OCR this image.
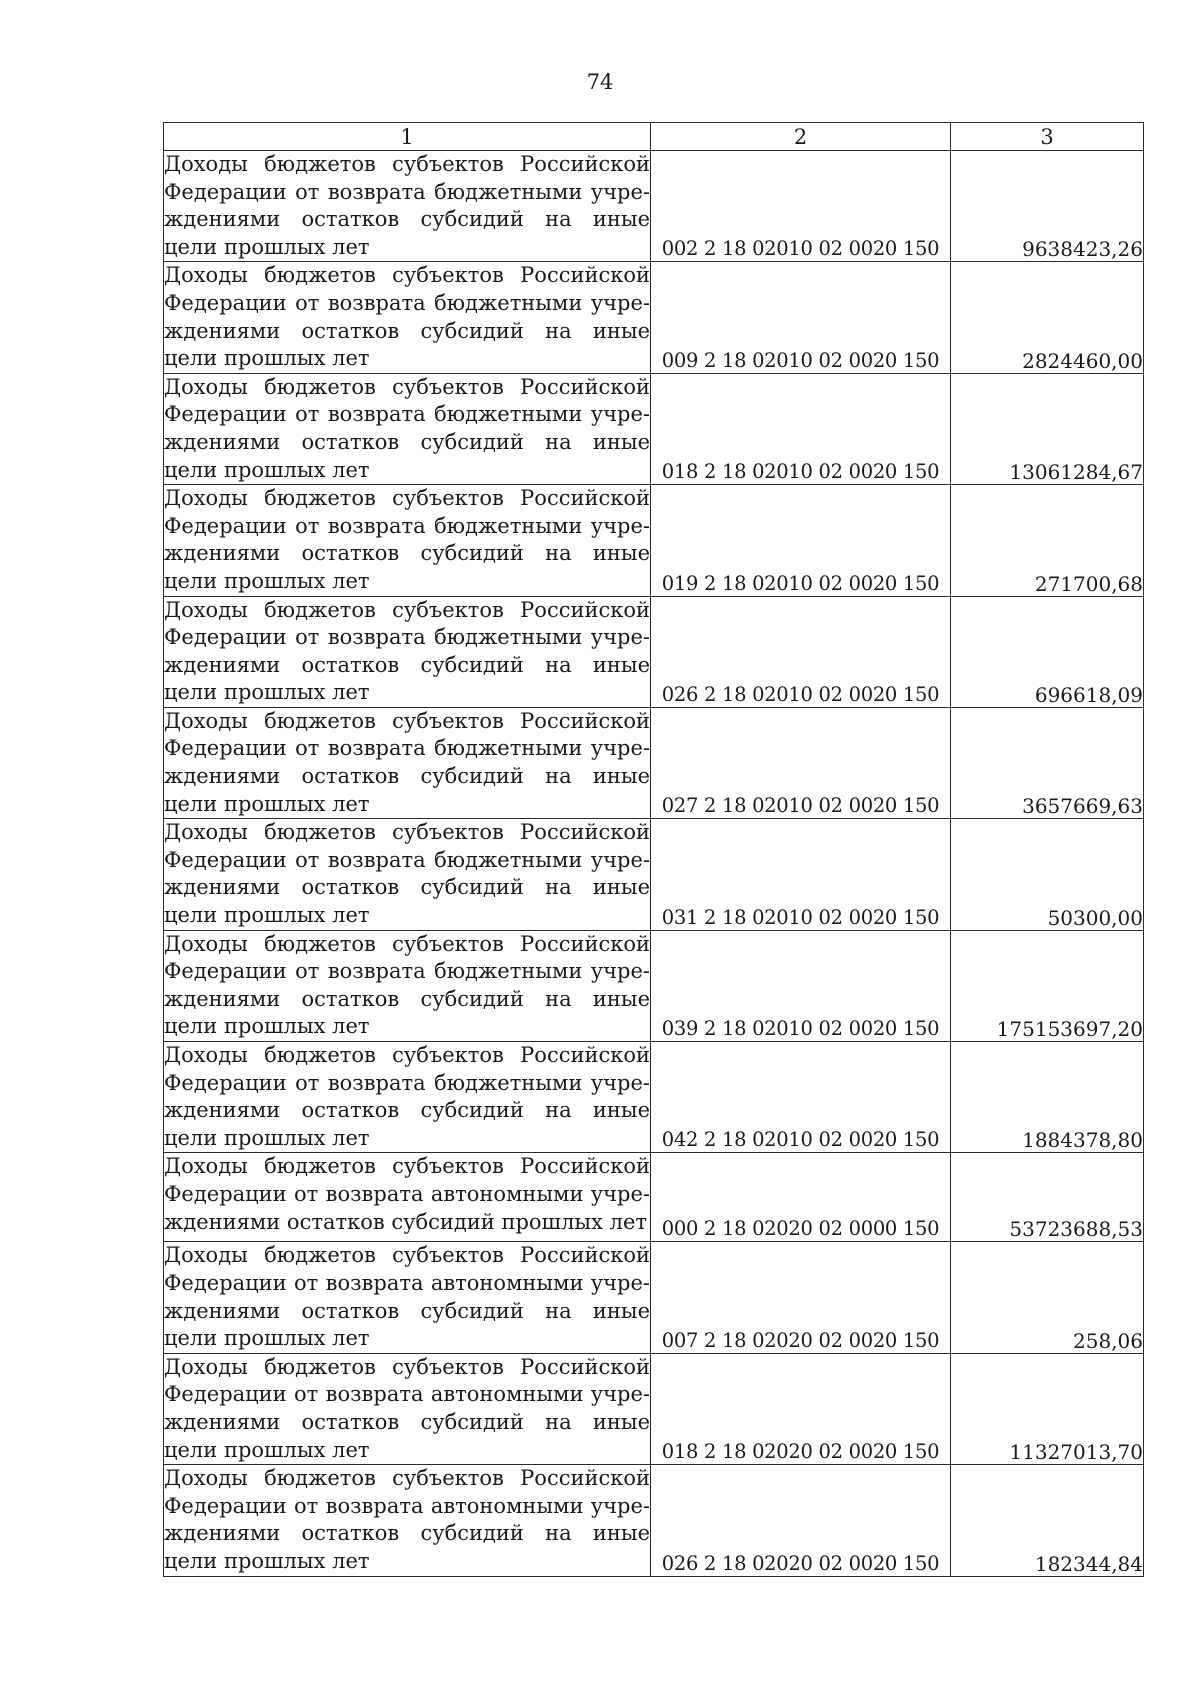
74
1	2	3
Доходы бюджетов субъектов Российской Федерации от возврата бюджетными учре-ждениями остатков субсидий на иные цели прошлых лет	002 2 18 02010 02 0020 150	9638423,26
Доходы бюджетов субъектов Российской Федерации от возврата бюджетными учре-ждениями остатков субсидий на иные цели прошлых лет	009 2 18 02010 02 0020 150	2824460,00
Доходы бюджетов субъектов Российской Федерации от возврата бюджетными учре-ждениями остатков субсидий на иные цели прошлых лет	018 2 18 02010 02 0020 150	13061284,67
Доходы бюджетов субъектов Российской Федерации от возврата бюджетными учре-ждениями остатков субсидий на иные цели прошлых лет	019 2 18 02010 02 0020 150	271700,68
Доходы бюджетов субъектов Российской Федерации от возврата бюджетными учре-ждениями остатков субсидий на иные цели прошлых лет	026 2 18 02010 02 0020 150	696618,09
Доходы бюджетов субъектов Российской Федерации от возврата бюджетными учре-ждениями остатков субсидий на иные цели прошлых лет	027 2 18 02010 02 0020 150	3657669,63
Доходы бюджетов субъектов Российской Федерации от возврата бюджетными учре-ждениями остатков субсидий на иные цели прошлых лет	031 2 18 02010 02 0020 150	50300,00
Доходы бюджетов субъектов Российской Федерации от возврата бюджетными учре-ждениями остатков субсидий на иные цели прошлых лет	039 2 18 02010 02 0020 150	175153697,20
Доходы бюджетов субъектов Российской Федерации от возврата бюджетными учре-ждениями остатков субсидий на иные цели прошлых лет	042 2 18 02010 02 0020 150	1884378,80
Доходы бюджетов субъектов Российской Федерации от возврата автономными учре-ждениями остатков субсидий прошлых лет	000 2 18 02020 02 0000 150	53723688,53
Доходы бюджетов субъектов Российской Федерации от возврата автономными учре-ждениями остатков субсидий на иные цели прошлых лет	007 2 18 02020 02 0020 150	258,06
Доходы бюджетов субъектов Российской Федерации от возврата автономными учре-ждениями остатков субсидий на иные цели прошлых лет	018 2 18 02020 02 0020 150	11327013,70
Доходы бюджетов субъектов Российской Федерации от возврата автономными учре-ждениями остатков субсидий на иные цели прошлых лет	026 2 18 02020 02 0020 150	182344,84
